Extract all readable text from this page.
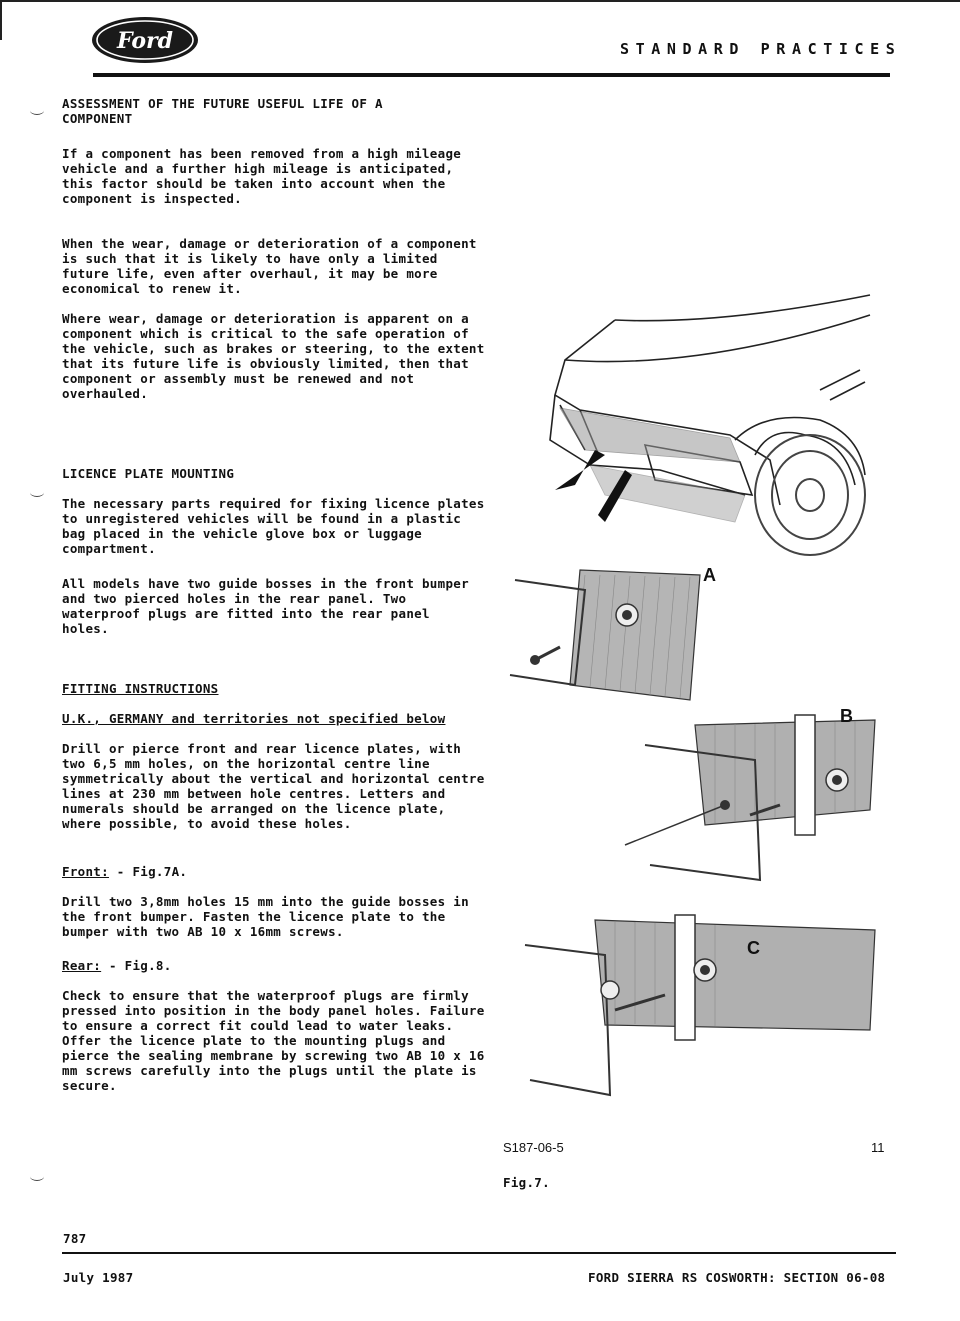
Ford	STANDARD PRACTICES

ASSESSMENT OF THE FUTURE USEFUL LIFE OF A COMPONENT

If a component has been removed from a high mileage vehicle and a further high mileage is anticipated, this factor should be taken into account when the component is inspected.

When the wear, damage or deterioration of a component is such that it is likely to have only a limited future life, even after overhaul, it may be more economical to renew it.

Where wear, damage or deterioration is apparent on a component which is critical to the safe operation of the vehicle, such as brakes or steering, to the extent that its future life is obviously limited, then that component or assembly must be renewed and not overhauled.

LICENCE PLATE MOUNTING

The necessary parts required for fixing licence plates to unregistered vehicles will be found in a plastic bag placed in the vehicle glove box or luggage compartment.

All models have two guide bosses in the front bumper and two pierced holes in the rear panel. Two waterproof plugs are fitted into the rear panel holes.

FITTING INSTRUCTIONS

U.K., GERMANY and territories not specified below

Drill or pierce front and rear licence plates, with two 6,5 mm holes, on the horizontal centre line symmetrically about the vertical and horizontal centre lines at 230 mm between hole centres. Letters and numerals should be arranged on the licence plate, where possible, to avoid these holes.

Front: - Fig.7A.

Drill two 3,8mm holes 15 mm into the guide bosses in the front bumper. Fasten the licence plate to the bumper with two AB 10 x 16mm screws.

Rear: - Fig.8.

Check to ensure that the waterproof plugs are firmly pressed into position in the body panel holes. Failure to ensure a correct fit could lead to water leaks. Offer the licence plate to the mounting plugs and pierce the sealing membrane by screwing two AB 10 x 16 mm screws carefully into the plugs until the plate is secure.

A
B
C
S187-06-5	11
Fig.7.
787
July 1987	FORD SIERRA RS COSWORTH: SECTION 06-08
